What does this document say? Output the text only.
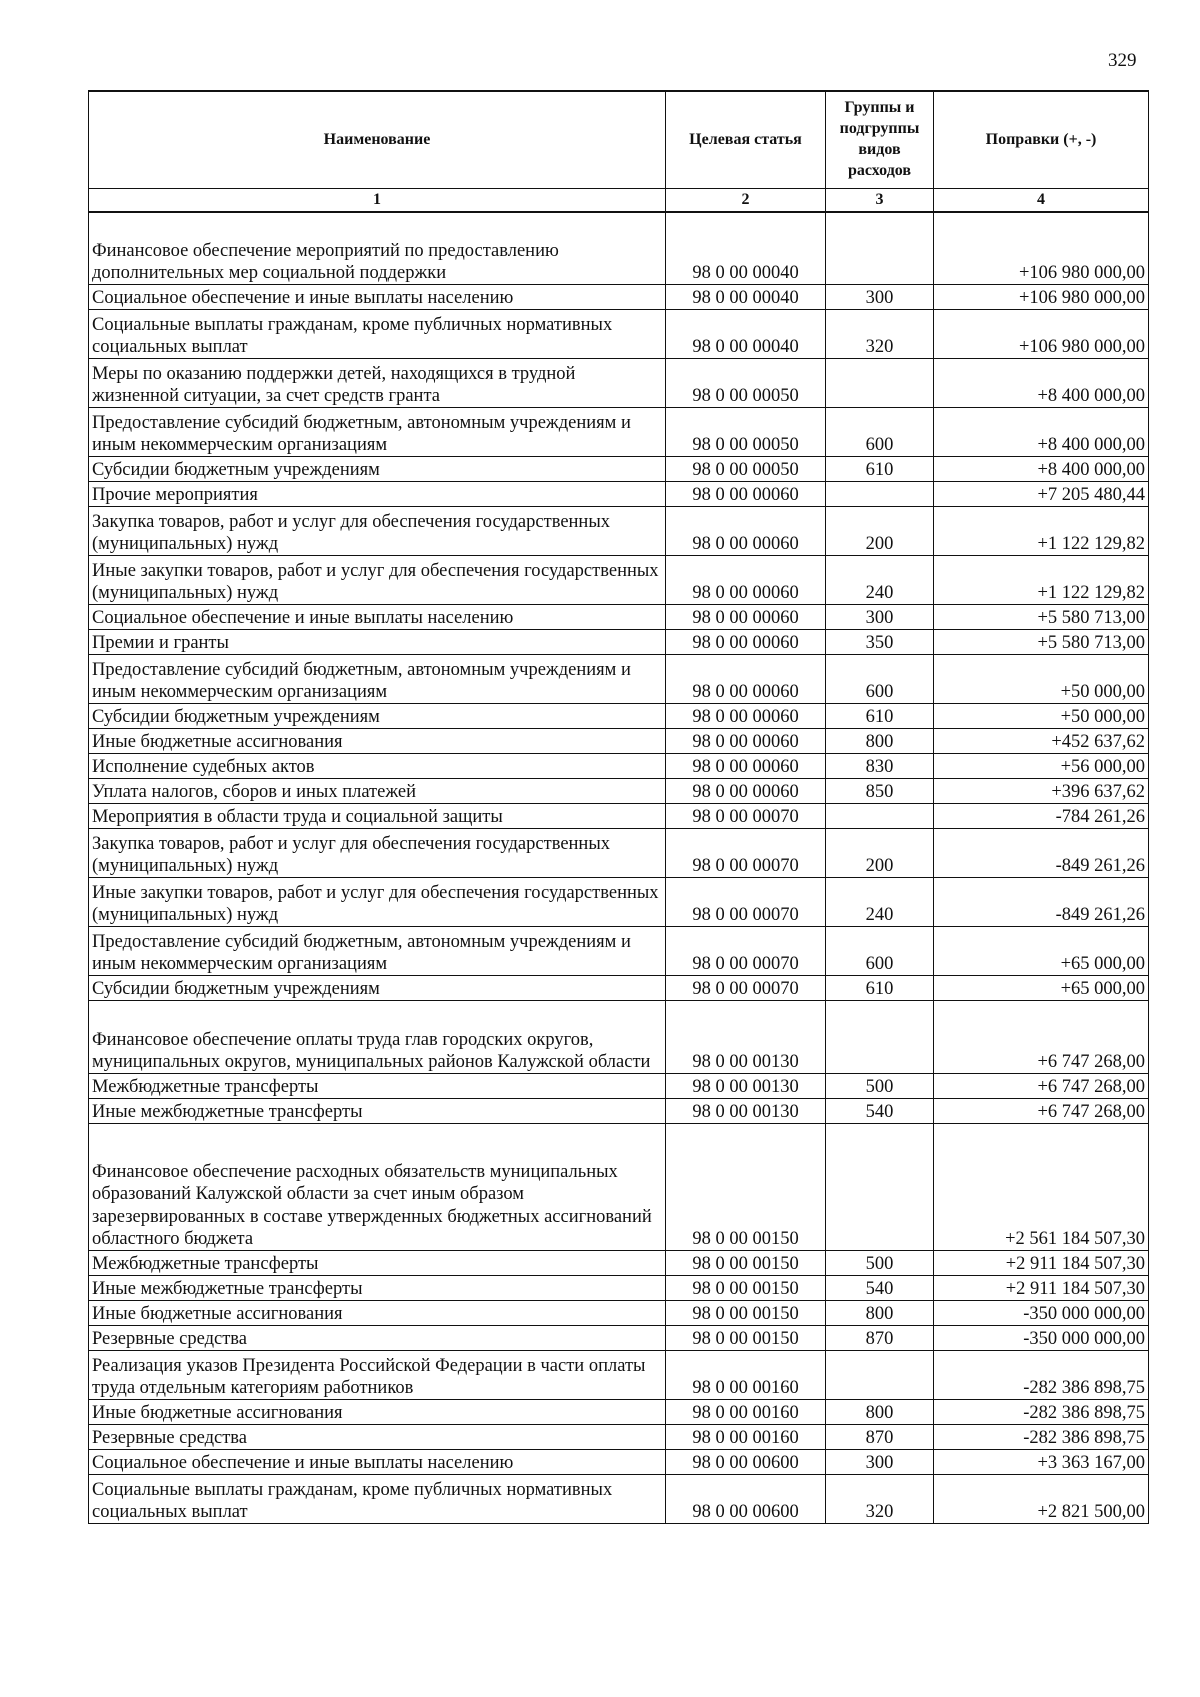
329
Наименование	Целевая статья	Группы и подгруппы видов расходов	Поправки (+, -)
1	2	3	4
Финансовое обеспечение мероприятий по предоставлению дополнительных мер социальной поддержки	98 0 00 00040		+106 980 000,00
Социальное обеспечение и иные выплаты населению	98 0 00 00040	300	+106 980 000,00
Социальные выплаты гражданам, кроме публичных нормативных социальных выплат	98 0 00 00040	320	+106 980 000,00
Меры по оказанию поддержки детей, находящихся в трудной жизненной ситуации, за счет средств гранта	98 0 00 00050		+8 400 000,00
Предоставление субсидий бюджетным, автономным учреждениям и иным некоммерческим организациям	98 0 00 00050	600	+8 400 000,00
Субсидии бюджетным учреждениям	98 0 00 00050	610	+8 400 000,00
Прочие мероприятия	98 0 00 00060		+7 205 480,44
Закупка товаров, работ и услуг для обеспечения государственных (муниципальных) нужд	98 0 00 00060	200	+1 122 129,82
Иные закупки товаров, работ и услуг для обеспечения государственных (муниципальных) нужд	98 0 00 00060	240	+1 122 129,82
Социальное обеспечение и иные выплаты населению	98 0 00 00060	300	+5 580 713,00
Премии и гранты	98 0 00 00060	350	+5 580 713,00
Предоставление субсидий бюджетным, автономным учреждениям и иным некоммерческим организациям	98 0 00 00060	600	+50 000,00
Субсидии бюджетным учреждениям	98 0 00 00060	610	+50 000,00
Иные бюджетные ассигнования	98 0 00 00060	800	+452 637,62
Исполнение судебных актов	98 0 00 00060	830	+56 000,00
Уплата налогов, сборов и иных платежей	98 0 00 00060	850	+396 637,62
Мероприятия в области труда и социальной защиты	98 0 00 00070		-784 261,26
Закупка товаров, работ и услуг для обеспечения государственных (муниципальных) нужд	98 0 00 00070	200	-849 261,26
Иные закупки товаров, работ и услуг для обеспечения государственных (муниципальных) нужд	98 0 00 00070	240	-849 261,26
Предоставление субсидий бюджетным, автономным учреждениям и иным некоммерческим организациям	98 0 00 00070	600	+65 000,00
Субсидии бюджетным учреждениям	98 0 00 00070	610	+65 000,00
Финансовое обеспечение оплаты труда глав городских округов, муниципальных округов, муниципальных районов Калужской области	98 0 00 00130		+6 747 268,00
Межбюджетные трансферты	98 0 00 00130	500	+6 747 268,00
Иные межбюджетные трансферты	98 0 00 00130	540	+6 747 268,00
Финансовое обеспечение расходных обязательств муниципальных образований Калужской области за счет иным образом зарезервированных в составе утвержденных бюджетных ассигнований областного бюджета	98 0 00 00150		+2 561 184 507,30
Межбюджетные трансферты	98 0 00 00150	500	+2 911 184 507,30
Иные межбюджетные трансферты	98 0 00 00150	540	+2 911 184 507,30
Иные бюджетные ассигнования	98 0 00 00150	800	-350 000 000,00
Резервные средства	98 0 00 00150	870	-350 000 000,00
Реализация указов Президента Российской Федерации в части оплаты труда отдельным категориям работников	98 0 00 00160		-282 386 898,75
Иные бюджетные ассигнования	98 0 00 00160	800	-282 386 898,75
Резервные средства	98 0 00 00160	870	-282 386 898,75
Социальное обеспечение и иные выплаты населению	98 0 00 00600	300	+3 363 167,00
Социальные выплаты гражданам, кроме публичных нормативных социальных выплат	98 0 00 00600	320	+2 821 500,00
